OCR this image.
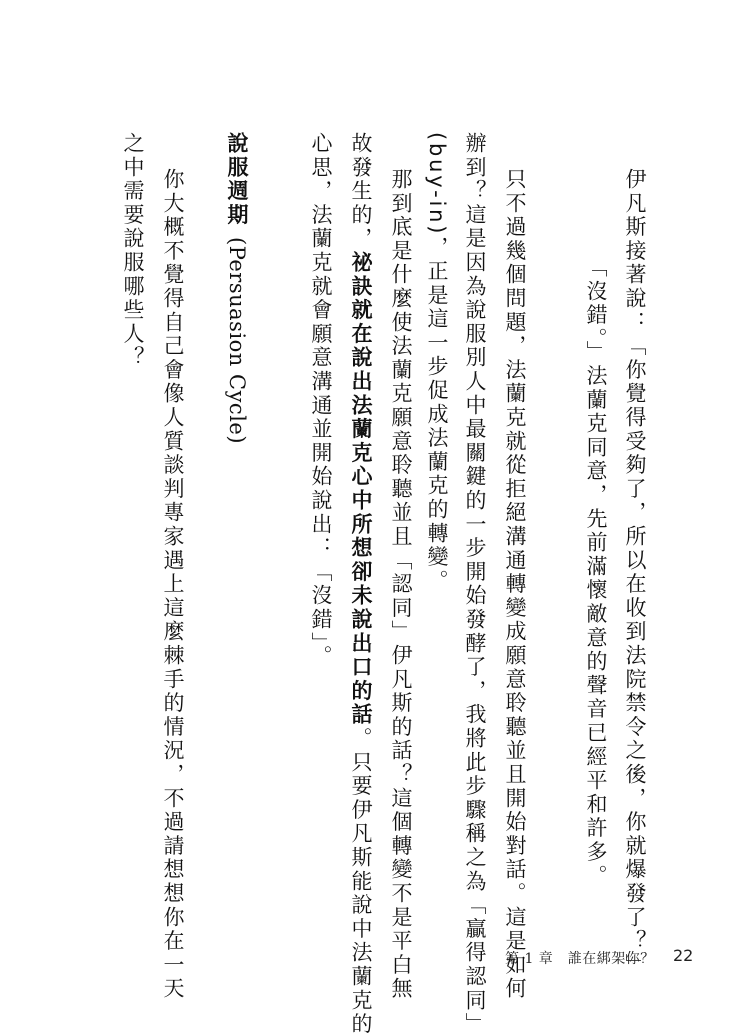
伊凡斯接著說：「你覺得受夠了，所以在收到法院禁令之後，你就爆發了？」
「沒錯。」法蘭克同意，先前滿懷敵意的聲音已經平和許多。
只不過幾個問題，法蘭克就從拒絕溝通轉變成願意聆聽並且開始對話。這是如何
辦到？這是因為說服別人中最關鍵的一步開始發酵了，我將此步驟稱之為「贏得認同」
(buy-in)，正是這一步促成法蘭克的轉變。
那到底是什麼使法蘭克願意聆聽並且「認同」伊凡斯的話？這個轉變不是平白無
故發生的，祕訣就在說出法蘭克心中所想卻未說出口的話。只要伊凡斯能說中法蘭克的
心思，法蘭克就會願意溝通並開始說出：「沒錯」。
說服週期(Persuasion Cycle)
你大概不覺得自己會像人質談判專家遇上這麼棘手的情況，不過請想想你在一天
之中需要說服哪些人？
第 1 章　誰在綁架你？ 22
